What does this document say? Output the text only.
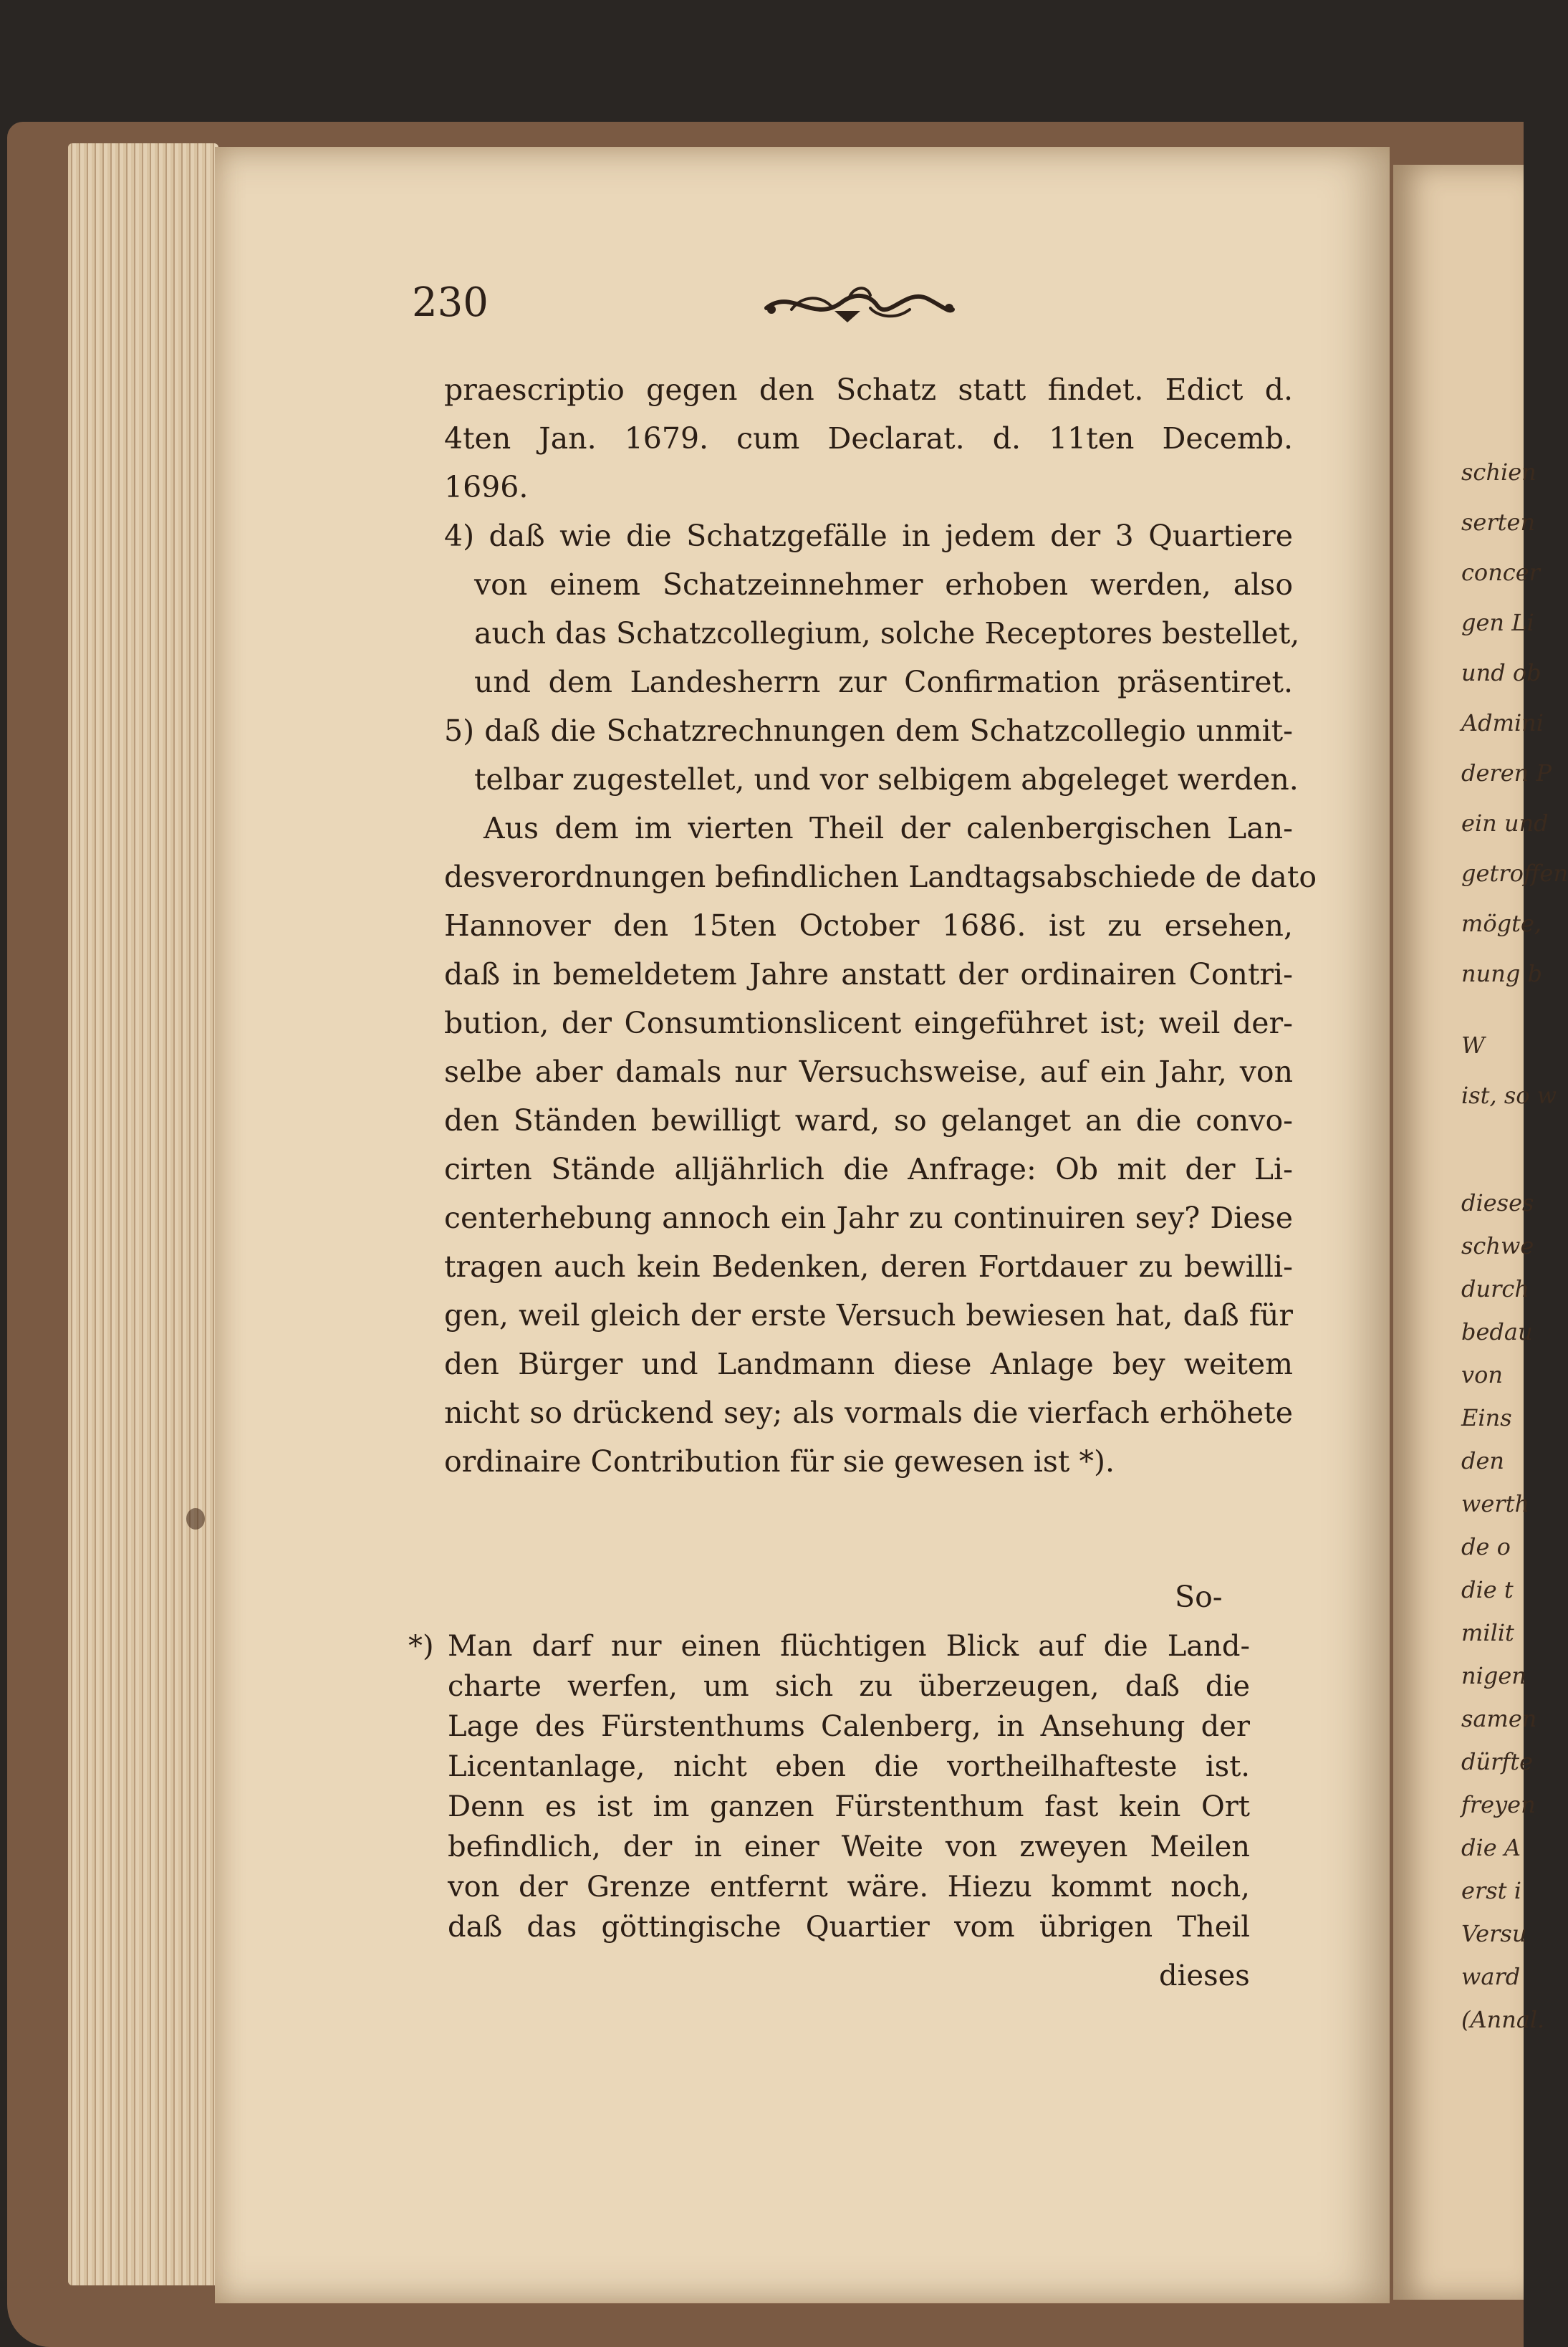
230
praescriptio gegen den Schatz statt findet. Edict d.
4ten Jan. 1679. cum Declarat. d. 11ten Decemb.
1696.
4) daß wie die Schatzgefälle in jedem der 3 Quartiere
von einem Schatzeinnehmer erhoben werden, also
auch das Schatzcollegium, solche Receptores bestellet,
und dem Landesherrn zur Confirmation präsentiret.
5) daß die Schatzrechnungen dem Schatzcollegio unmit-
telbar zugestellet, und vor selbigem abgeleget werden.
Aus dem im vierten Theil der calenbergischen Lan-
desverordnungen befindlichen Landtagsabschiede de dato
Hannover den 15ten October 1686. ist zu ersehen,
daß in bemeldetem Jahre anstatt der ordinairen Contri-
bution, der Consumtionslicent eingeführet ist; weil der-
selbe aber damals nur Versuchsweise, auf ein Jahr, von
den Ständen bewilligt ward, so gelanget an die convo-
cirten Stände alljährlich die Anfrage: Ob mit der Li-
centerhebung annoch ein Jahr zu continuiren sey? Diese
tragen auch kein Bedenken, deren Fortdauer zu bewilli-
gen, weil gleich der erste Versuch bewiesen hat, daß für
den Bürger und Landmann diese Anlage bey weitem
nicht so drückend sey; als vormals die vierfach erhöhete
ordinaire Contribution für sie gewesen ist *).
So-
*) Man darf nur einen flüchtigen Blick auf die Land-
charte werfen, um sich zu überzeugen, daß die
Lage des Fürstenthums Calenberg, in Ansehung der
Licentanlage, nicht eben die vortheilhafteste ist.
Denn es ist im ganzen Fürstenthum fast kein Ort
befindlich, der in einer Weite von zweyen Meilen
von der Grenze entfernt wäre. Hiezu kommt noch,
daß das göttingische Quartier vom übrigen Theil
dieses
schien
serten
concer
gen Li
und ob
Admini
deren P
ein und
getroffen
mögte,
nung b
W
ist, so w
dieses
schwe
durch
bedau
von
Eins
den
werth
de o
die t
milit
nigen
samen
dürfte
freyen
die A
erst i
Versu
ward
(Annal.
